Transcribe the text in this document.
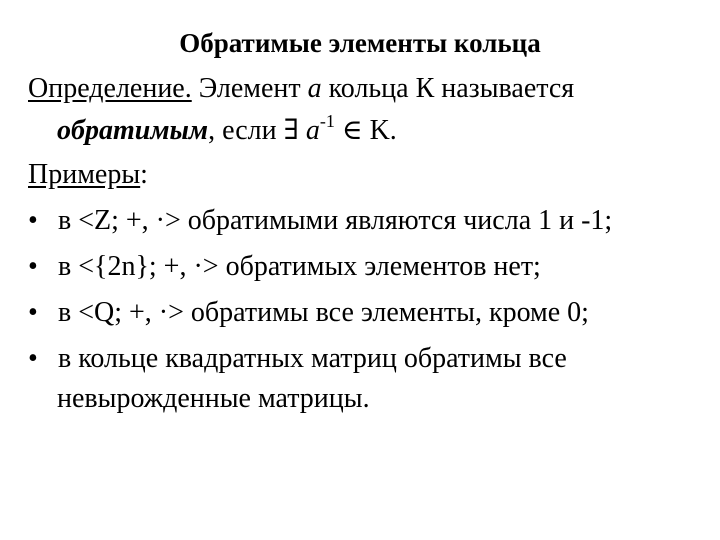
Обратимые элементы кольца
Определение. Элемент a кольца К называется
обратимым, если ∃ $a^{-1}$ ∈ K.
Примеры:
• в <Z; +, ·> обратимыми являются числа 1 и -1;
• в <{2n}; +, ·> обратимых элементов нет;
• в <Q; +, ·> обратимы все элементы, кроме 0;
• в кольце квадратных матриц обратимы все
невырожденные матрицы.
